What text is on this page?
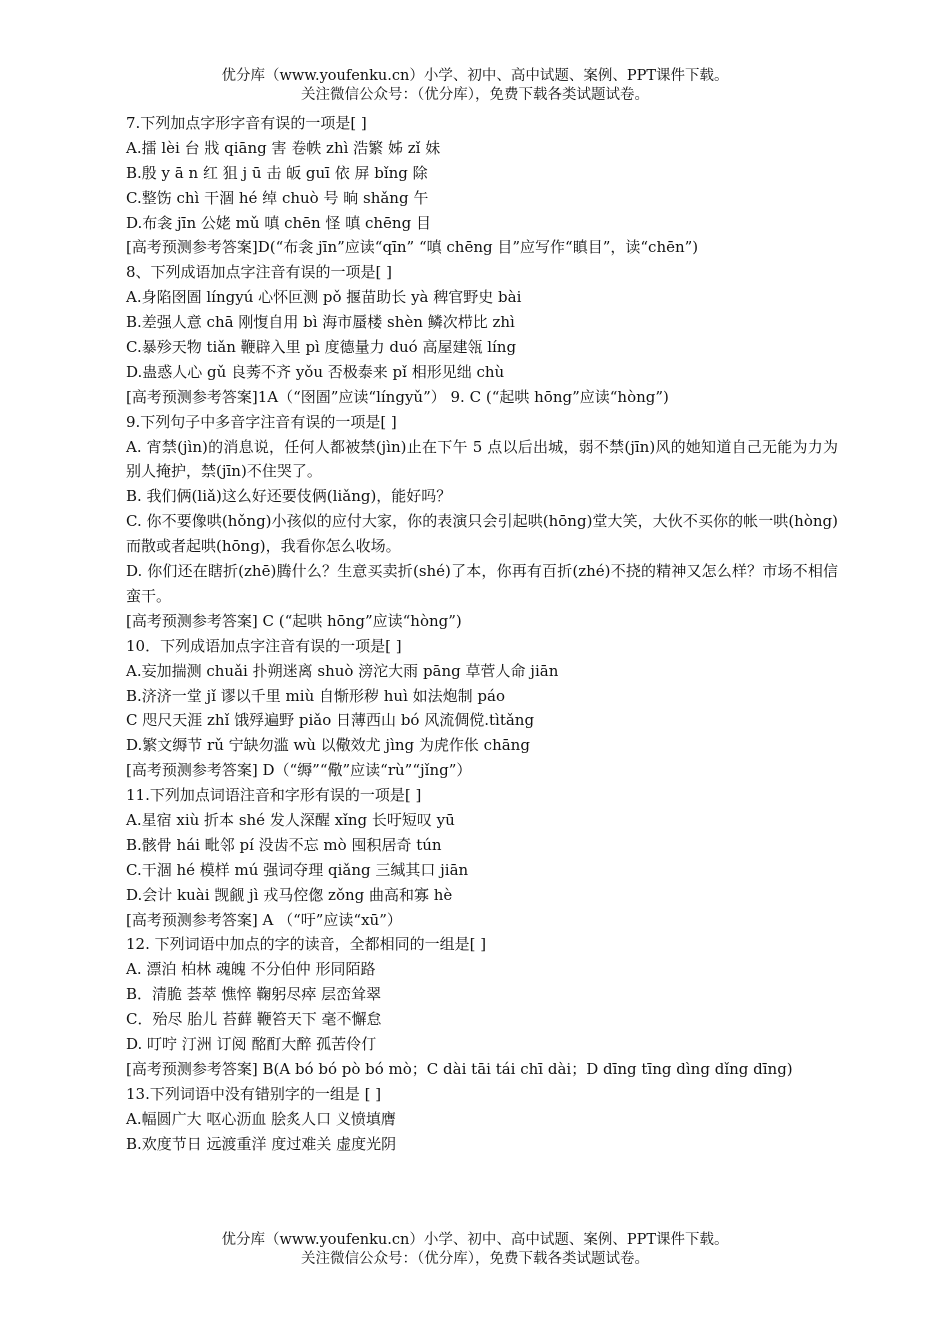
优分库（www.youfenku.cn）小学、初中、高中试题、案例、PPT课件下载。
关注微信公众号：（优分库），免费下载各类试题试卷。
7.下列加点字形字音有误的一项是[ ]
A.擂 lèi 台 戕 qiāng 害 卷帙 zhì 浩繁 姊 zǐ 妹
B.殷 y ā n 红 狙 j ū 击 皈 guī 依 屏 bǐng 除
C.整饬 chì 干涸 hé 绰 chuò 号 晌 shǎng 午
D.布衾 jīn 公姥 mǔ 嗔 chēn 怪 嗔 chēng 目
[高考预测参考答案]D(“布衾 jīn”应读“qīn” “嗔 chēng 目”应写作“瞋目”，读“chēn”)
8、下列成语加点字注音有误的一项是[ ]
A.身陷囹圄 língyú 心怀叵测 pǒ 揠苗助长 yà 稗官野史 bài
B.差强人意 chā 刚愎自用 bì 海市蜃楼 shèn 鳞次栉比 zhì
C.暴殄天物 tiǎn 鞭辟入里 pì 度德量力 duó 高屋建瓴 líng
D.蛊惑人心 gǔ 良莠不齐 yǒu 否极泰来 pǐ 相形见绌 chù
[高考预测参考答案]1A（“囹圄”应读“língyǔ”） 9. C (“起哄 hōng”应读“hòng”)
9.下列句子中多音字注音有误的一项是[ ]
A. 宵禁(jìn)的消息说，任何人都被禁(jìn)止在下午 5 点以后出城，弱不禁(jīn)风的她知道自己无能为力为别人掩护，禁(jīn)不住哭了。
B. 我们俩(liǎ)这么好还要伎俩(liǎng)，能好吗？
C. 你不要像哄(hǒng)小孩似的应付大家，你的表演只会引起哄(hōng)堂大笑，大伙不买你的帐一哄(hòng)而散或者起哄(hōng)，我看你怎么收场。
D. 你们还在瞎折(zhē)腾什么？生意买卖折(shé)了本，你再有百折(zhé)不挠的精神又怎么样？市场不相信蛮干。
[高考预测参考答案] C (“起哄 hōng”应读“hòng”)
10．下列成语加点字注音有误的一项是[ ]
A.妄加揣测 chuǎi 扑朔迷离 shuò 滂沱大雨 pāng 草菅人命 jiān
B.济济一堂 jǐ 谬以千里 miù 自惭形秽 huì 如法炮制 páo
C 咫尺天涯 zhǐ 饿殍遍野 piǎo 日薄西山 bó 风流倜傥.tìtǎng
D.繁文缛节 rǔ 宁缺勿滥 wù 以儆效尤 jìng 为虎作伥 chāng
[高考预测参考答案] D（“缛”“儆”应读“rù”“jǐng”）
11.下列加点词语注音和字形有误的一项是[ ]
A.星宿 xiù 折本 shé 发人深醒 xǐng 长吁短叹 yū
B.骸骨 hái 毗邻 pí 没齿不忘 mò 囤积居奇 tún
C.干涸 hé 模样 mú 强词夺理 qiǎng 三缄其口 jiān
D.会计 kuài 觊觎 jì 戎马倥偬 zǒng 曲高和寡 hè
[高考预测参考答案] A （“吁”应读“xū”）
12. 下列词语中加点的字的读音，全都相同的一组是[ ]
A. 漂泊 柏林 魂魄 不分伯仲 形同陌路
B．清脆 荟萃 憔悴 鞠躬尽瘁 层峦耸翠
C．殆尽 胎儿 苔藓 鞭笞天下 毫不懈怠
D. 叮咛 汀洲 订阅 酩酊大醉 孤苦伶仃
[高考预测参考答案] B(A bó bó pò bó mò；C dài tāi tái chī dài；D dīng tīng dìng dǐng dīng)
13.下列词语中没有错别字的一组是 [ ]
A.幅圆广大 呕心沥血 脍炙人口 义愤填膺
B.欢度节日 远渡重洋 度过难关 虚度光阴
优分库（www.youfenku.cn）小学、初中、高中试题、案例、PPT课件下载。
关注微信公众号：（优分库），免费下载各类试题试卷。
